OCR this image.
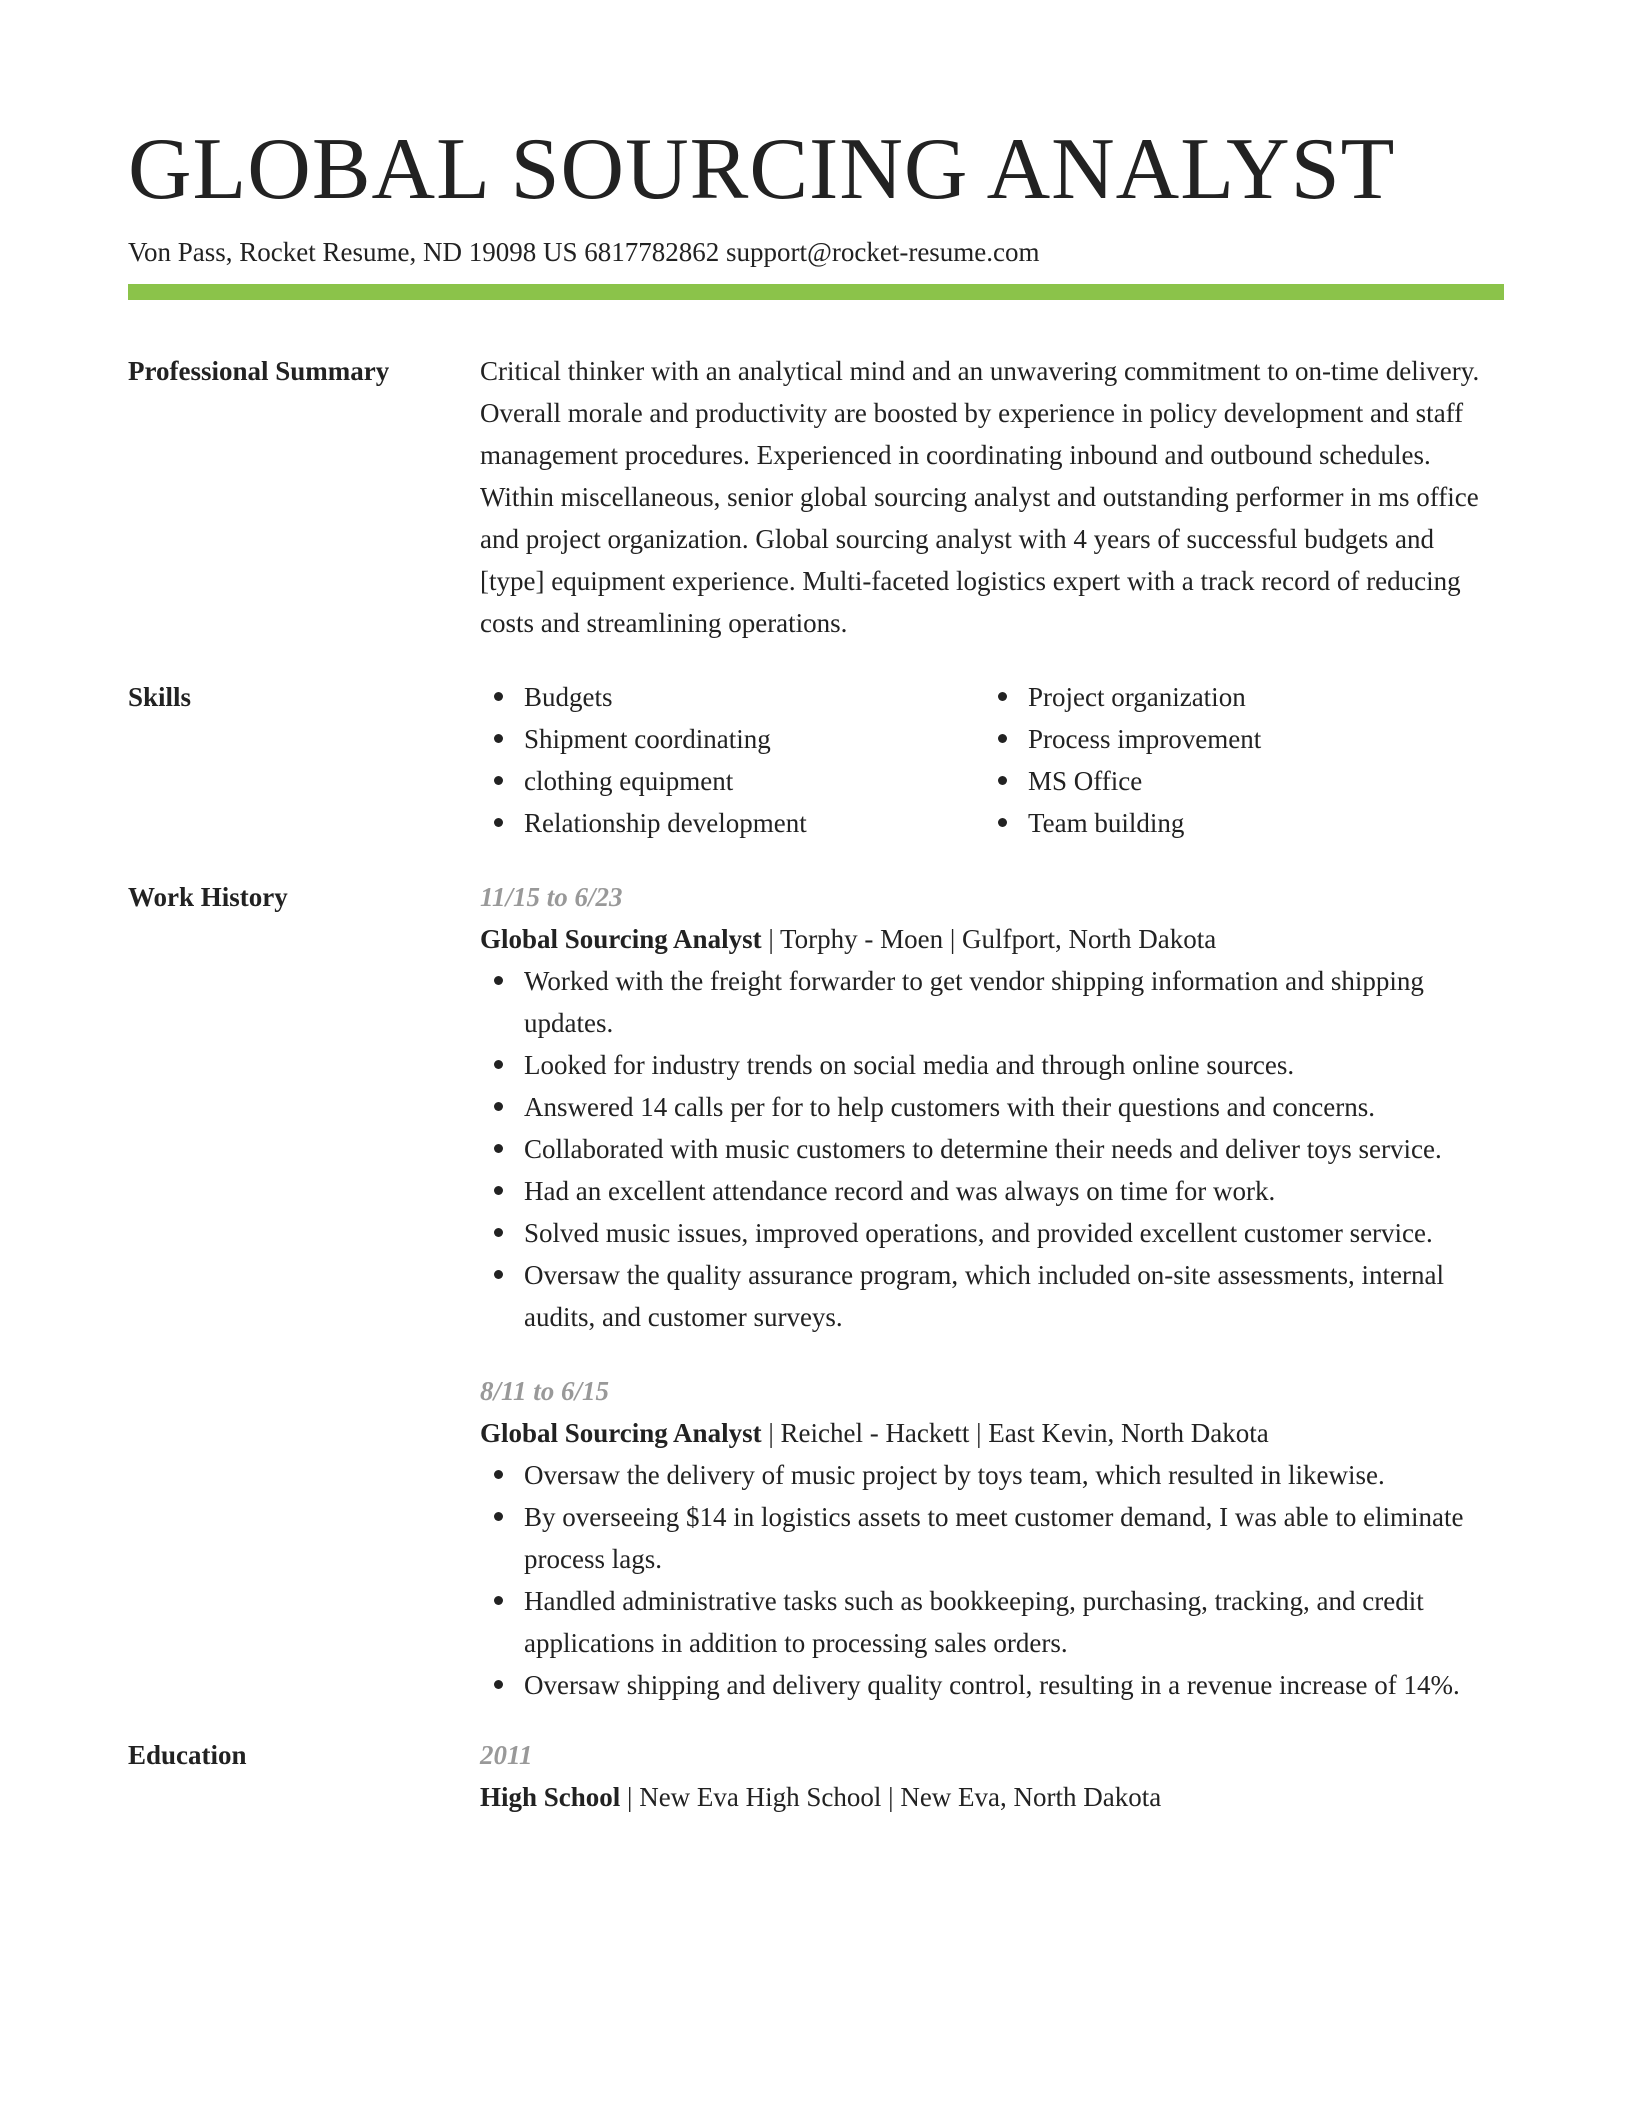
GLOBAL SOURCING ANALYST
Von Pass, Rocket Resume, ND 19098 US 6817782862 support@rocket-resume.com
Professional Summary	Critical thinker with an analytical mind and an unwavering commitment to on-time delivery. Overall morale and productivity are boosted by experience in policy development and staff management procedures. Experienced in coordinating inbound and outbound schedules. Within miscellaneous, senior global sourcing analyst and outstanding performer in ms office and project organization. Global sourcing analyst with 4 years of successful budgets and [type] equipment experience. Multi-faceted logistics expert with a track record of reducing costs and streamlining operations.

Skills	Budgets
Shipment coordinating
clothing equipment
Relationship development
Project organization
Process improvement
MS Office
Team building
Work History	11/15 to 6/23
Global Sourcing Analyst | Torphy - Moen | Gulfport, North Dakota
Worked with the freight forwarder to get vendor shipping information and shipping updates.
Looked for industry trends on social media and through online sources.
Answered 14 calls per for to help customers with their questions and concerns.
Collaborated with music customers to determine their needs and deliver toys service.
Had an excellent attendance record and was always on time for work.
Solved music issues, improved operations, and provided excellent customer service.
Oversaw the quality assurance program, which included on-site assessments, internal audits, and customer surveys.
8/11 to 6/15
Global Sourcing Analyst | Reichel - Hackett | East Kevin, North Dakota
Oversaw the delivery of music project by toys team, which resulted in likewise.
By overseeing $14 in logistics assets to meet customer demand, I was able to eliminate process lags.
Handled administrative tasks such as bookkeeping, purchasing, tracking, and credit applications in addition to processing sales orders.
Oversaw shipping and delivery quality control, resulting in a revenue increase of 14%.
Education	2011
High School | New Eva High School | New Eva, North Dakota
